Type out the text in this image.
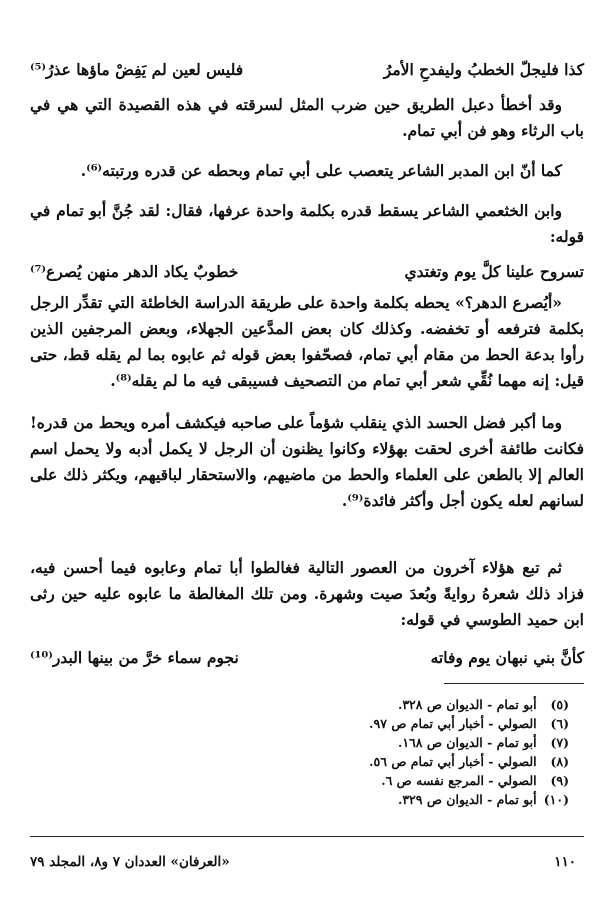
كذا فليجلّ الخطبُ وليفدحِ الأمرُ
فليس لعين لم يَفِضْ ماؤها عذرُ⁽⁵⁾

وقد أخطأ دعبل الطريق حين ضرب المثل لسرقته في هذه القصيدة التي هي في باب الرثاء وهو فن أبي تمام.

كما أنّ ابن المدبر الشاعر يتعصب على أبي تمام وبحطه عن قدره ورتبته⁽⁶⁾.

وابن الخثعمي الشاعر يسقط قدره بكلمة واحدة عرفها، فقال: لقد جُنَّ أبو تمام في قوله:

تسروح علينا كلَّ يوم وتغتدي
خطوبٌ يكاد الدهر منهن يُصرع⁽⁷⁾

«أيُصرع الدهر؟» يحطه بكلمة واحدة على طريقة الدراسة الخاطئة التي تقدِّر الرجل بكلمة فترفعه أو تخفضه. وكذلك كان بعض المدَّعين الجهلاء، وبعض المرجفين الذين رأوا بدعة الحط من مقام أبي تمام، فصحّفوا بعض قوله ثم عابوه بما لم يقله قط، حتى قيل: إنه مهما نُقِّي شعر أبي تمام من التصحيف فسيبقى فيه ما لم يقله⁽⁸⁾.

وما أكبر فضل الحسد الذي ينقلب شؤماً على صاحبه فيكشف أمره ويحط من قدره! فكانت طائفة أخرى لحقت بهؤلاء وكانوا يظنون أن الرجل لا يكمل أدبه ولا يحمل اسم العالم إلا بالطعن على العلماء والحط من ماضيهم، والاستحقار لباقيهم، ويكثر ذلك على لسانهم لعله يكون أجل وأكثر فائدة⁽⁹⁾.

ثم تبع هؤلاء آخرون من العصور التالية فغالطوا أبا تمام وعابوه فيما أحسن فيه، فزاد ذلك شعرهُ روايةً وبُعدَ صيت وشهرة. ومن تلك المغالطة ما عابوه عليه حين رثى ابن حميد الطوسي في قوله:

كأنَّ بني نبهان يوم وفاته
نجوم سماء خرَّ من بينها البدر⁽¹⁰⁾
(٥) أبو تمام - الديوان ص ٣٢٨.
(٦) الصولي - أخبار أبي تمام ص ٩٧.
(٧) أبو تمام - الديوان ص ١٦٨.
(٨) الصولي - أخبار أبي تمام ص ٥٦.
(٩) الصولي - المرجع نفسه ص ٦.
(١٠) أبو تمام - الديوان ص ٣٢٩.
١١٠
«العرفان» العددان ٧ و٨، المجلد ٧٩
